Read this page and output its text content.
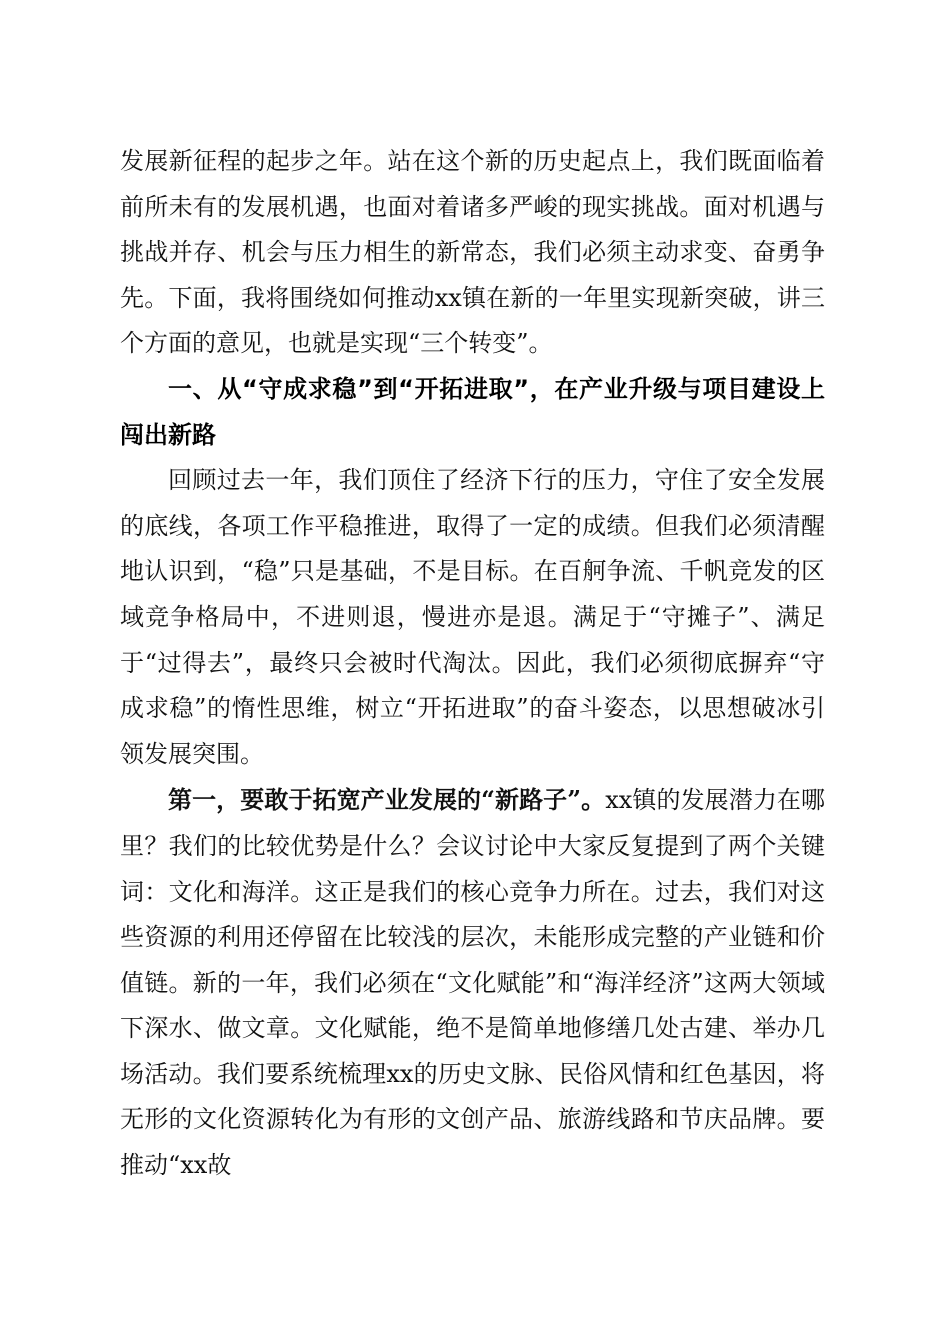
发展新征程的起步之年。站在这个新的历史起点上，我们既面临着前所未有的发展机遇，也面对着诸多严峻的现实挑战。面对机遇与挑战并存、机会与压力相生的新常态，我们必须主动求变、奋勇争先。下面，我将围绕如何推动xx镇在新的一年里实现新突破，讲三个方面的意见，也就是实现“三个转变”。

一、从“守成求稳”到“开拓进取”，在产业升级与项目建设上闯出新路

回顾过去一年，我们顶住了经济下行的压力，守住了安全发展的底线，各项工作平稳推进，取得了一定的成绩。但我们必须清醒地认识到，“稳”只是基础，不是目标。在百舸争流、千帆竞发的区域竞争格局中，不进则退，慢进亦是退。满足于“守摊子”、满足于“过得去”，最终只会被时代淘汰。因此，我们必须彻底摒弃“守成求稳”的惰性思维，树立“开拓进取”的奋斗姿态，以思想破冰引领发展突围。

第一，要敢于拓宽产业发展的“新路子”。xx镇的发展潜力在哪里？我们的比较优势是什么？会议讨论中大家反复提到了两个关键词：文化和海洋。这正是我们的核心竞争力所在。过去，我们对这些资源的利用还停留在比较浅的层次，未能形成完整的产业链和价值链。新的一年，我们必须在“文化赋能”和“海洋经济”这两大领域下深水、做文章。文化赋能，绝不是简单地修缮几处古建、举办几场活动。我们要系统梳理xx的历史文脉、民俗风情和红色基因，将无形的文化资源转化为有形的文创产品、旅游线路和节庆品牌。要推动“xx故
